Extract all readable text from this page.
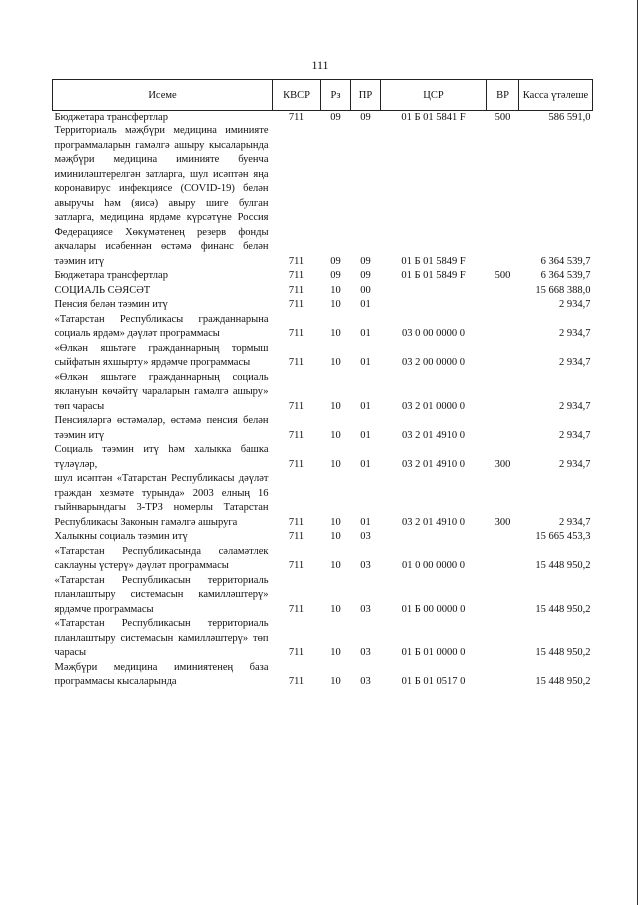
111
Исеме	КВСР	Рз	ПР	ЦСР	ВР	Касса үтәлеше
Бюджетара трансфертлар	711	09	09	01 Б 01 5841 F	500	586 591,0
Территориаль мәҗбүри медицина иминияте программаларын гамәлгә ашыру кысаларында мәҗбүри медицина иминияте буенча иминиләштерелгән затларга, шул исәптән яңа коронавирус инфекциясе (COVID-19) белән авыручы һәм (яисә) авыру шиге булган затларга, медицина ярдәме күрсәтүне Россия Федерациясе Хөкүмәтенең резерв фонды акчалары исәбеннән өстәмә финанс белән тәэмин итү	711	09	09	01 Б 01 5849 F		6 364 539,7
Бюджетара трансфертлар	711	09	09	01 Б 01 5849 F	500	6 364 539,7
СОЦИАЛЬ СӘЯСӘТ	711	10	00			15 668 388,0
Пенсия белән тәэмин итү	711	10	01			2 934,7
«Татарстан Республикасы гражданнарына социаль ярдәм» дәүләт программасы	711	10	01	03 0 00 0000 0		2 934,7
«Өлкән яшьтәге гражданнарның тормыш сыйфатын яхшырту» ярдәмче программасы	711	10	01	03 2 00 0000 0		2 934,7
«Өлкән яшьтәге гражданнарның социаль яклануын көчәйтү чараларын гамәлгә ашыру» төп чарасы	711	10	01	03 2 01 0000 0		2 934,7
Пенсияләргә өстәмәләр, өстәмә пенсия белән тәэмин итү	711	10	01	03 2 01 4910 0		2 934,7
Социаль тәэмин итү һәм халыкка башка түләүләр,	711	10	01	03 2 01 4910 0	300	2 934,7
шул исәптән «Татарстан Республикасы дәүләт граждан хезмәте турында» 2003 елның 16 гыйнварындагы 3-ТРЗ номерлы Татарстан Республикасы Законын гамәлгә ашыруга	711	10	01	03 2 01 4910 0	300	2 934,7
Халыкны социаль тәэмин итү	711	10	03			15 665 453,3
«Татарстан Республикасында сәламәтлек саклауны үстерү» дәүләт программасы	711	10	03	01 0 00 0000 0		15 448 950,2
«Татарстан Республикасын территориаль планлаштыру системасын камилләштерү» ярдәмче программасы	711	10	03	01 Б 00 0000 0		15 448 950,2
«Татарстан Республикасын территориаль планлаштыру системасын камилләштерү» төп чарасы	711	10	03	01 Б 01 0000 0		15 448 950,2
Мәҗбүри медицина иминиятенең база программасы кысаларында	711	10	03	01 Б 01 0517 0		15 448 950,2
